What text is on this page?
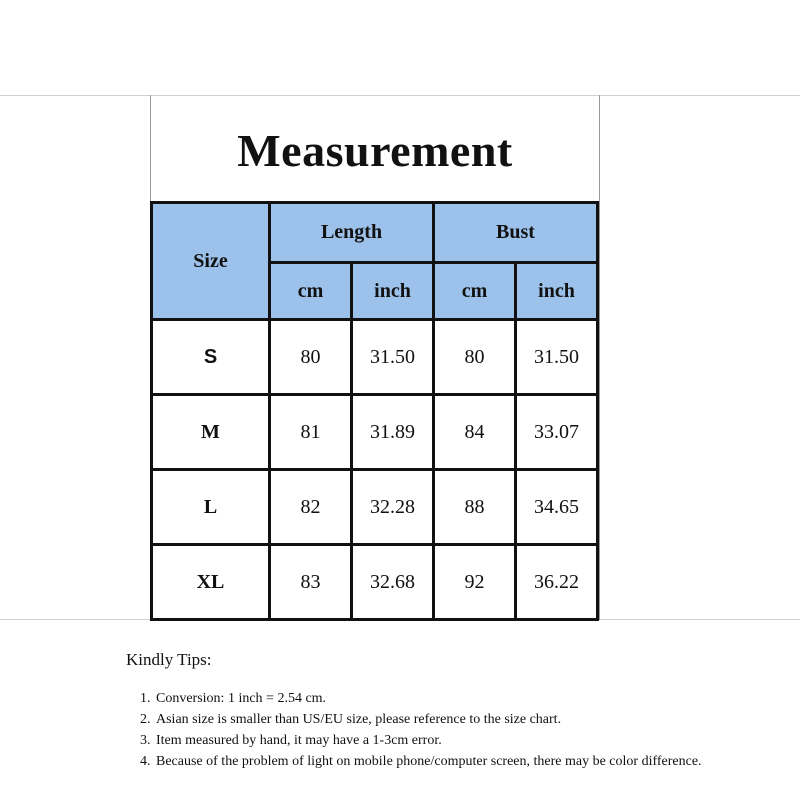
Measurement
Size	Length		Bust	
	cm	inch	cm	inch
S	80	31.50	80	31.50
M	81	31.89	84	33.07
L	82	32.28	88	34.65
XL	83	32.68	92	36.22
Kindly Tips:
1. Conversion: 1 inch = 2.54 cm.
2. Asian size is smaller than US/EU size, please reference to the size chart.
3. Item measured by hand, it may have a 1-3cm error.
4. Because of the problem of light on mobile phone/computer screen, there may be color difference.
